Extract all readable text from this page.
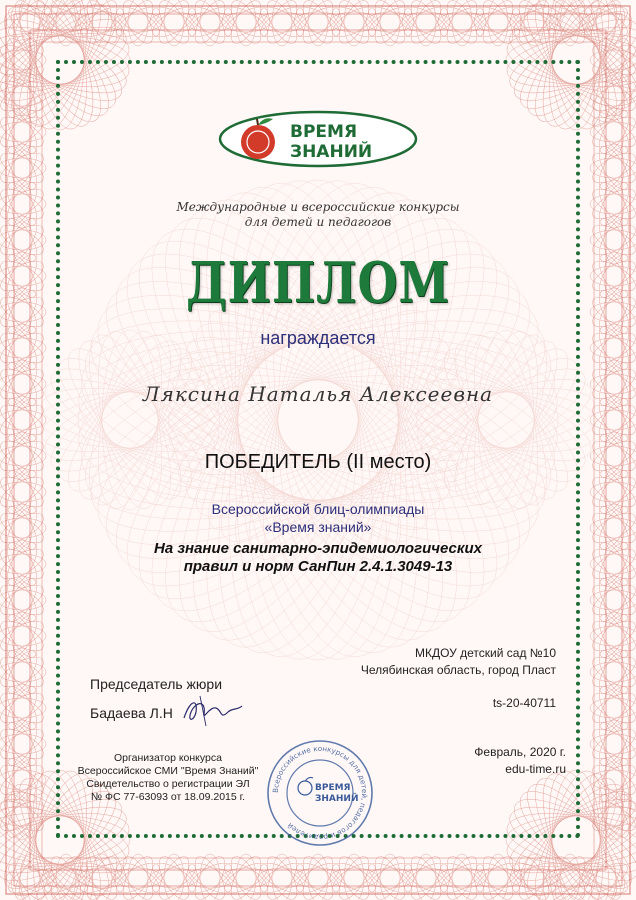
ВРЕМЯ
ЗНАНИЙ
Международные и всероссийские конкурсы
для детей и педагогов
ДИПЛОМ
награждается
Ляксина Наталья Алексеевна
ПОБЕДИТЕЛЬ (II место)
Всероссийской блиц-олимпиады
«Время знаний»
На знание санитарно-эпидемиологических
правил и норм СанПин 2.4.1.3049-13
МКДОУ детский сад №10
Челябинская область, город Пласт
ts-20-40711
Председатель жюри
Бадаева Л.Н
Организатор конкурса
Всероссийское СМИ "Время Знаний"
Свидетельство о регистрации ЭЛ
№ ФС 77-63093 от 18.09.2015 г.
Февраль, 2020 г.
edu-time.ru
Всероссийские конкурсы для детей, педагогов и родителей
ВРЕМЯ
ЗНАНИЙ
